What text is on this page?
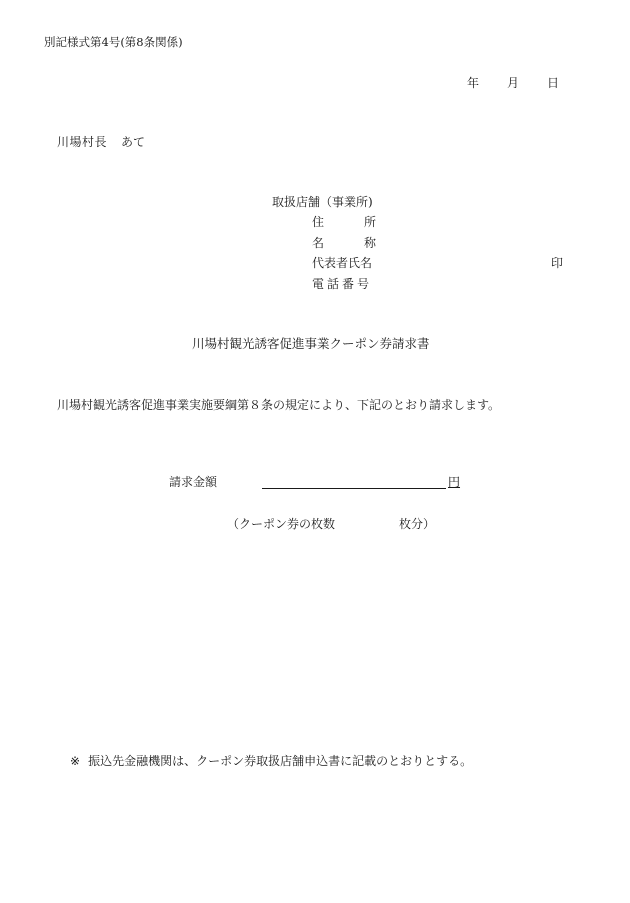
別記様式第4号(第8条関係)
年 月 日
川場村長 あて
取扱店舗（事業所)
住	所
名	称
代表者氏名
電話番号
印
川場村観光誘客促進事業クーポン券請求書
川場村観光誘客促進事業実施要綱第８条の規定により、下記のとおり請求します。
請求金額	円
（クーポン券の枚数	枚分）
※ 振込先金融機関は、クーポン券取扱店舗申込書に記載のとおりとする。
